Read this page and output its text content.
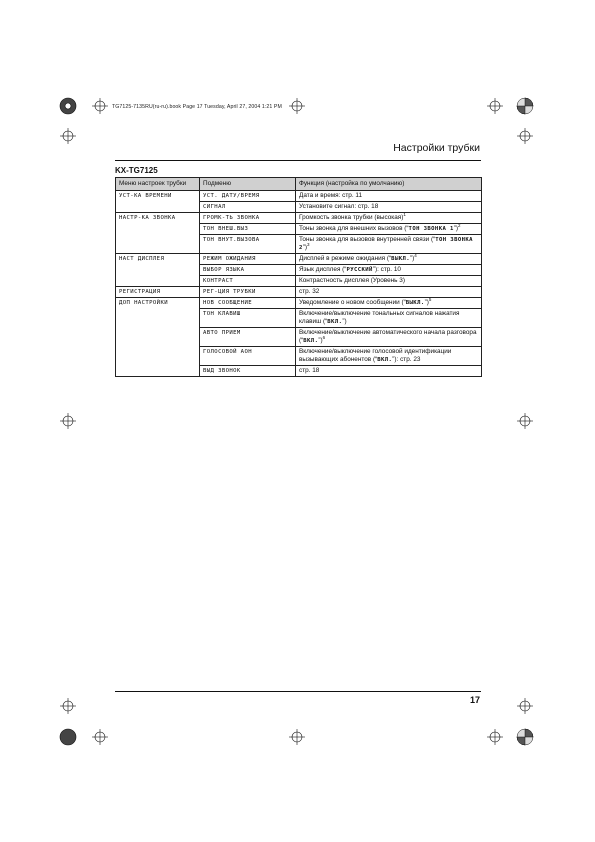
TG7125-7135RU(ru-ru).book Page 17 Tuesday, April 27, 2004 1:21 PM
Настройки трубки
KX-TG7125
Меню настроек трубки	Подменю	Функция (настройка по умолчанию)
УСТ-КА ВРЕМЕНИ	УСТ. ДАТУ/ВРЕМЯ	Дата и время: стр. 11
	СИГНАЛ	Установите сигнал: стр. 18
НАСТР-КА ЗВОНКА	ГРОМК-ТЬ ЗВОНКА	Громкость звонка трубки (высокая)$^1$
	ТОН ВНЕШ.ВЫЗ	Тоны звонка для внешних вызовов (“ТОН ЗВОНКА 1”)$^2$
	ТОН ВНУТ.ВЫЗОВА	Тоны звонка для вызовов внутренней связи (“ТОН ЗВОНКА 2”)$^3$
НАСТ ДИСПЛЕЯ	РЕЖИМ ОЖИДАНИЯ	Дисплей в режиме ожидания (“ВЫКЛ.”)$^4$
	ВЫБОР ЯЗЫКА	Язык дисплея (“РУССКИЙ”): стр. 10
	КОНТРАСТ	Контрастность дисплея (Уровень 3)
РЕГИСТРАЦИЯ	РЕГ-ЦИЯ ТРУБКИ	стр. 32
ДОП НАСТРОЙКИ	НОВ СООБЩЕНИЕ	Уведомление о новом сообщении (“ВЫКЛ.”)$^5$
	ТОН КЛАВИШ	Включение/выключение тональных сигналов нажатия клавиш (“ВКЛ.”)
	АВТО ПРИЕМ	Включение/выключение автоматического начала разговора (“ВКЛ.”)$^6$
	ГОЛОСОВОЙ АОН	Включение/выключение голосовой идентификации вызывающих абонентов (“ВКЛ.”): стр. 23
	ВЫД ЗВОНОК	стр. 18
17
